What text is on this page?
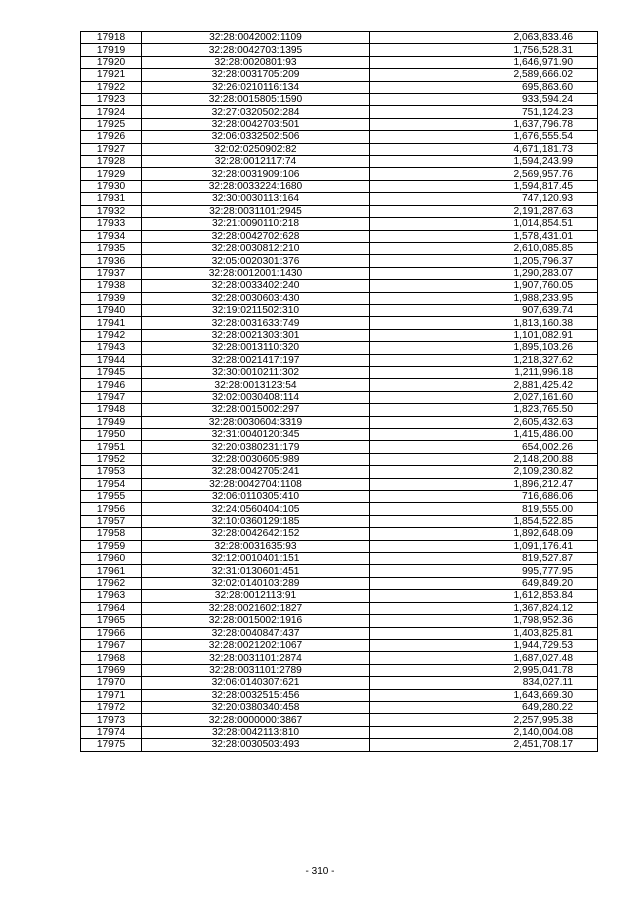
17918	32:28:0042002:1109	2,063,833.46
17919	32:28:0042703:1395	1,756,528.31
17920	32:28:0020801:93	1,646,971.90
17921	32:28:0031705:209	2,589,666.02
17922	32:26:0210116:134	695,863.60
17923	32:28:0015805:1590	933,594.24
17924	32:27:0320502:284	751,124.23
17925	32:28:0042703:501	1,637,796.78
17926	32:06:0332502:506	1,676,555.54
17927	32:02:0250902:82	4,671,181.73
17928	32:28:0012117:74	1,594,243.99
17929	32:28:0031909:106	2,569,957.76
17930	32:28:0033224:1680	1,594,817.45
17931	32:30:0030113:164	747,120.93
17932	32:28:0031101:2945	2,191,287.63
17933	32:21:0090110:218	1,014,854.51
17934	32:28:0042702:628	1,578,431.01
17935	32:28:0030812:210	2,610,085.85
17936	32:05:0020301:376	1,205,796.37
17937	32:28:0012001:1430	1,290,283.07
17938	32:28:0033402:240	1,907,760.05
17939	32:28:0030603:430	1,988,233.95
17940	32:19:0211502:310	907,639.74
17941	32:28:0031633:749	1,813,160.38
17942	32:28:0021303:301	1,101,082.91
17943	32:28:0013110:320	1,895,103.26
17944	32:28:0021417:197	1,218,327.62
17945	32:30:0010211:302	1,211,996.18
17946	32:28:0013123:54	2,881,425.42
17947	32:02:0030408:114	2,027,161.60
17948	32:28:0015002:297	1,823,765.50
17949	32:28:0030604:3319	2,605,432.63
17950	32:31:0040120:345	1,415,486.00
17951	32:20:0380231:179	654,002.26
17952	32:28:0030605:989	2,148,200.88
17953	32:28:0042705:241	2,109,230.82
17954	32:28:0042704:1108	1,896,212.47
17955	32:06:0110305:410	716,686.06
17956	32:24:0560404:105	819,555.00
17957	32:10:0360129:185	1,854,522.85
17958	32:28:0042642:152	1,892,648.09
17959	32:28:0031635:93	1,091,176.41
17960	32:12:0010401:151	819,527.87
17961	32:31:0130601:451	995,777.95
17962	32:02:0140103:289	649,849.20
17963	32:28:0012113:91	1,612,853.84
17964	32:28:0021602:1827	1,367,824.12
17965	32:28:0015002:1916	1,798,952.36
17966	32:28:0040847:437	1,403,825.81
17967	32:28:0021202:1067	1,944,729.53
17968	32:28:0031101:2874	1,687,027.48
17969	32:28:0031101:2789	2,995,041.78
17970	32:06:0140307:621	834,027.11
17971	32:28:0032515:456	1,643,669.30
17972	32:20:0380340:458	649,280.22
17973	32:28:0000000:3867	2,257,995.38
17974	32:28:0042113:810	2,140,004.08
17975	32:28:0030503:493	2,451,708.17
- 310 -
